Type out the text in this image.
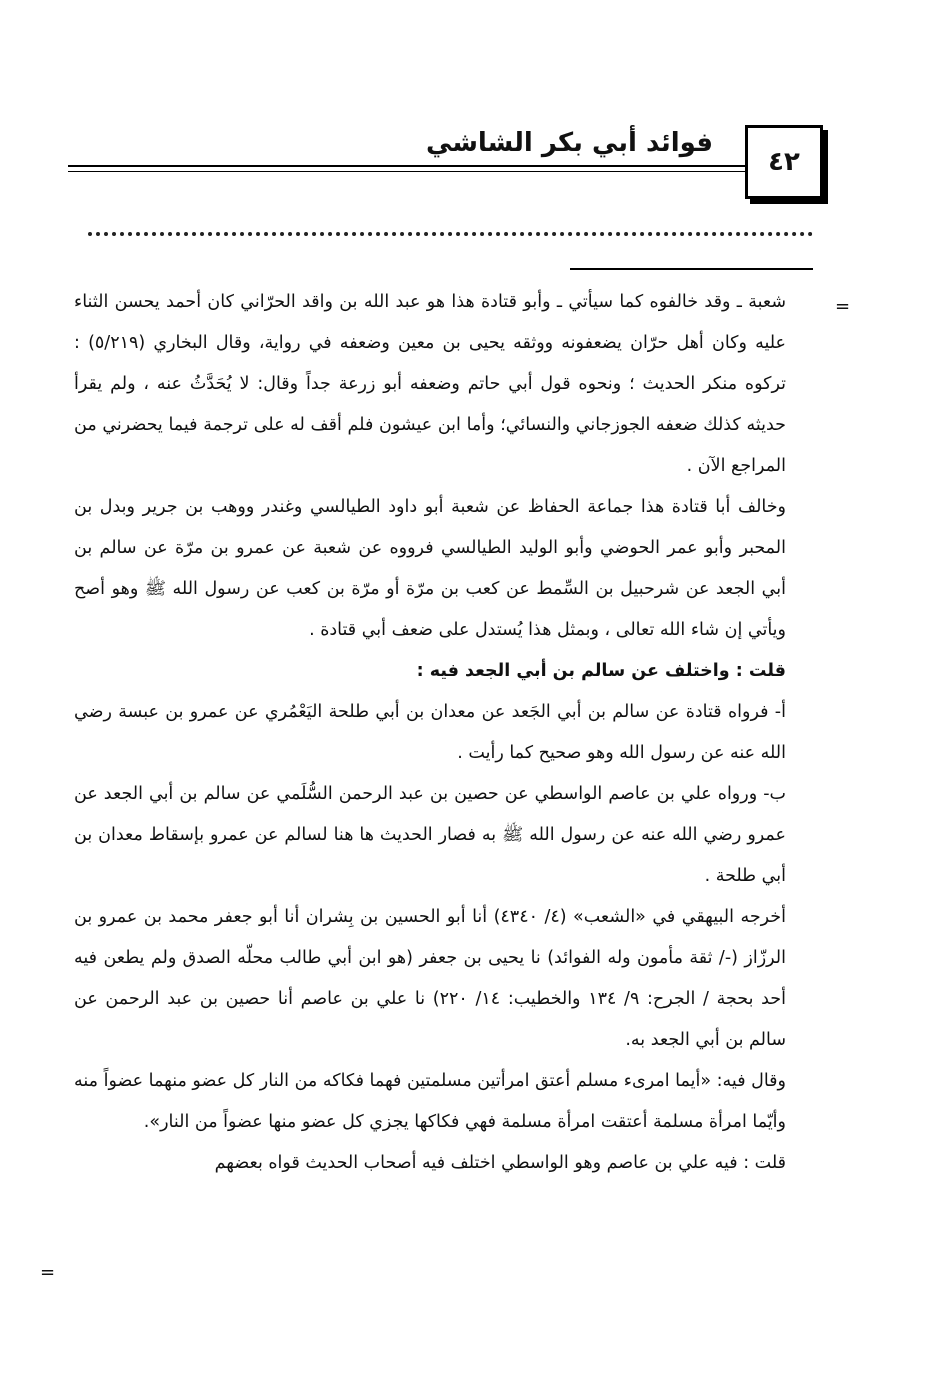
٤٢
فوائد أبي بكر الشاشي
=
=

شعبة ـ وقد خالفوه كما سيأتي ـ وأبو قتادة هذا هو عبد الله بن واقد الحرّاني كان أحمد يحسن الثناء عليه وكان أهل حرّان يضعفونه ووثقه يحيى بن معين وضعفه في رواية، وقال البخاري (٥/٢١٩) : تركوه منكر الحديث ؛ ونحوه قول أبي حاتم وضعفه أبو زرعة جداً وقال: لا يُحَدَّثُ عنه ، ولم يقرأ حديثه كذلك ضعفه الجوزجاني والنسائي؛ وأما ابن عيشون فلم أقف له على ترجمة فيما يحضرني من المراجع الآن .

وخالف أبا قتادة هذا جماعة الحفاظ عن شعبة أبو داود الطيالسي وغندر ووهب بن جرير وبدل بن المحبر وأبو عمر الحوضي وأبو الوليد الطيالسي فرووه عن شعبة عن عمرو بن مرّة عن سالم بن أبي الجعد عن شرحبيل بن السِّمط عن كعب بن مرّة أو مرّة بن كعب عن رسول الله ﷺ وهو أصح ويأتي إن شاء الله تعالى ، وبمثل هذا يُستدل على ضعف أبي قتادة .

قلت : واختلف عن سالم بن أبي الجعد فيه :

أ- فرواه قتادة عن سالم بن أبي الجَعد عن معدان بن أبي طلحة اليَعْمُري عن عمرو بن عبسة رضي الله عنه عن رسول الله وهو صحيح كما رأيت .

ب- ورواه علي بن عاصم الواسطي عن حصين بن عبد الرحمن السُّلَمي عن سالم بن أبي الجعد عن عمرو رضي الله عنه عن رسول الله ﷺ به فصار الحديث ها هنا لسالم عن عمرو بإسقاط معدان بن أبي طلحة .

أخرجه البيهقي في «الشعب» (٤/ ٤٣٤٠) أنا أبو الحسين بن بِشران أنا أبو جعفر محمد بن عمرو بن الرزّاز (-/ ثقة مأمون وله الفوائد) نا يحيى بن جعفر (هو ابن أبي طالب محلّه الصدق ولم يطعن فيه أحد بحجة / الجرح: ٩/ ١٣٤ والخطيب: ١٤/ ٢٢٠) نا علي بن عاصم أنا حصين بن عبد الرحمن عن سالم بن أبي الجعد به.

وقال فيه: «أيما امرىء مسلم أعتق امرأتين مسلمتين فهما فكاكه من النار كل عضو منهما عضواً منه وأيّما امرأة مسلمة أعتقت امرأة مسلمة فهي فكاكها يجزي كل عضو منها عضواً من النار».

قلت : فيه علي بن عاصم وهو الواسطي اختلف فيه أصحاب الحديث قواه بعضهم
